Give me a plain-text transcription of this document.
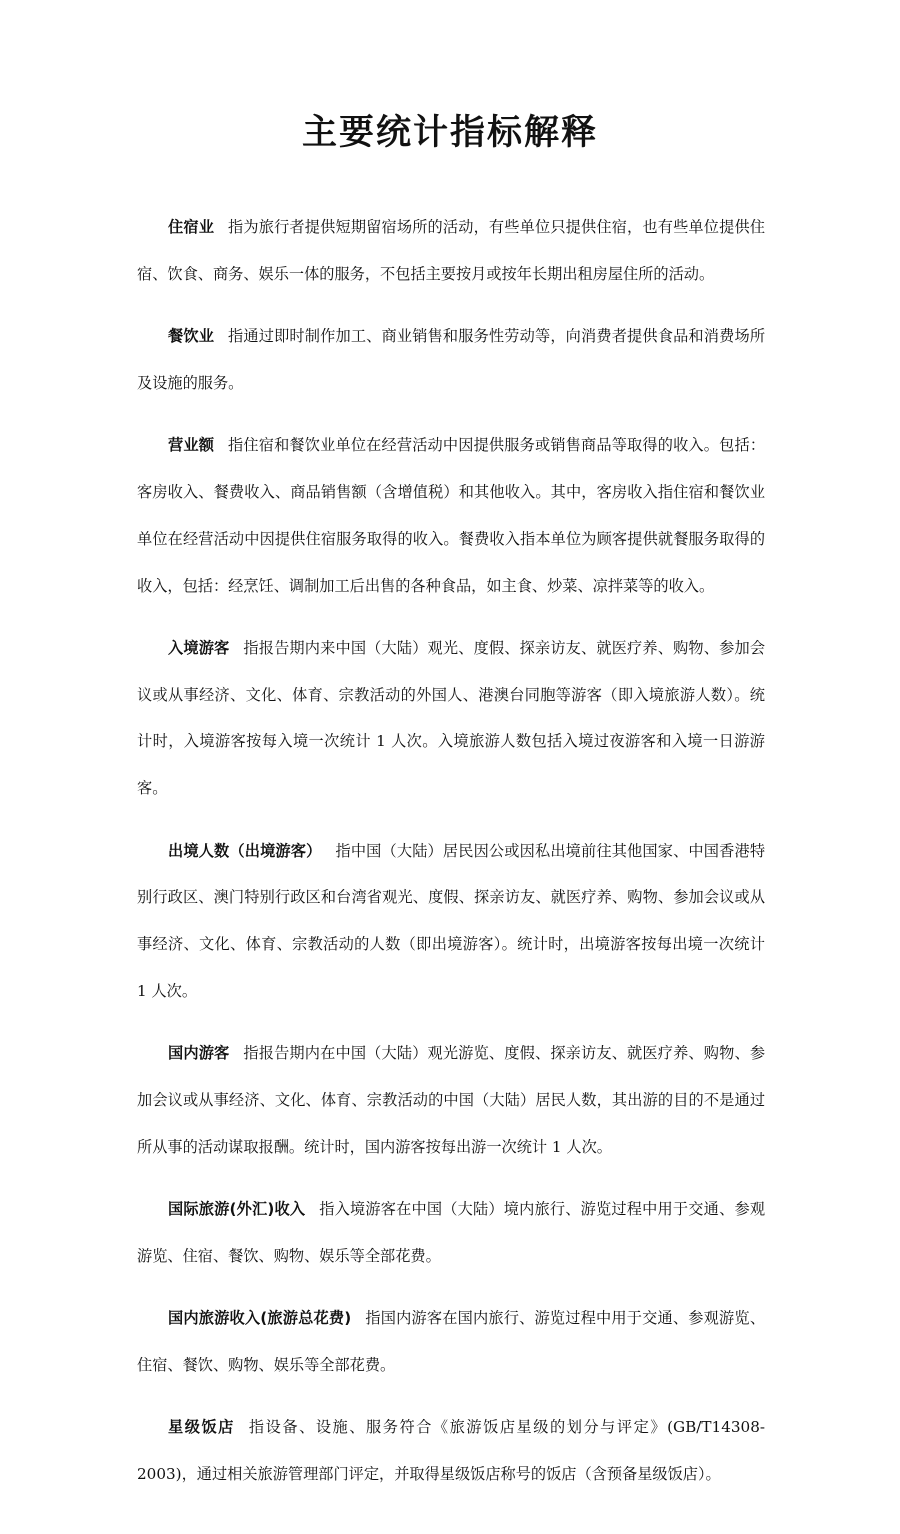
主要统计指标解释

住宿业 指为旅行者提供短期留宿场所的活动，有些单位只提供住宿，也有些单位提供住宿、饮食、商务、娱乐一体的服务，不包括主要按月或按年长期出租房屋住所的活动。

餐饮业 指通过即时制作加工、商业销售和服务性劳动等，向消费者提供食品和消费场所及设施的服务。

营业额 指住宿和餐饮业单位在经营活动中因提供服务或销售商品等取得的收入。包括：客房收入、餐费收入、商品销售额（含增值税）和其他收入。其中，客房收入指住宿和餐饮业单位在经营活动中因提供住宿服务取得的收入。餐费收入指本单位为顾客提供就餐服务取得的收入，包括：经烹饪、调制加工后出售的各种食品，如主食、炒菜、凉拌菜等的收入。

入境游客 指报告期内来中国（大陆）观光、度假、探亲访友、就医疗养、购物、参加会议或从事经济、文化、体育、宗教活动的外国人、港澳台同胞等游客（即入境旅游人数）。统计时，入境游客按每入境一次统计 1 人次。入境旅游人数包括入境过夜游客和入境一日游游客。

出境人数（出境游客） 指中国（大陆）居民因公或因私出境前往其他国家、中国香港特别行政区、澳门特别行政区和台湾省观光、度假、探亲访友、就医疗养、购物、参加会议或从事经济、文化、体育、宗教活动的人数（即出境游客）。统计时，出境游客按每出境一次统计 1 人次。

国内游客 指报告期内在中国（大陆）观光游览、度假、探亲访友、就医疗养、购物、参加会议或从事经济、文化、体育、宗教活动的中国（大陆）居民人数，其出游的目的不是通过所从事的活动谋取报酬。统计时，国内游客按每出游一次统计 1 人次。

国际旅游(外汇)收入 指入境游客在中国（大陆）境内旅行、游览过程中用于交通、参观游览、住宿、餐饮、购物、娱乐等全部花费。

国内旅游收入(旅游总花费) 指国内游客在国内旅行、游览过程中用于交通、参观游览、住宿、餐饮、购物、娱乐等全部花费。

星级饭店 指设备、设施、服务符合《旅游饭店星级的划分与评定》(GB/T14308-2003)，通过相关旅游管理部门评定，并取得星级饭店称号的饭店（含预备星级饭店）。
